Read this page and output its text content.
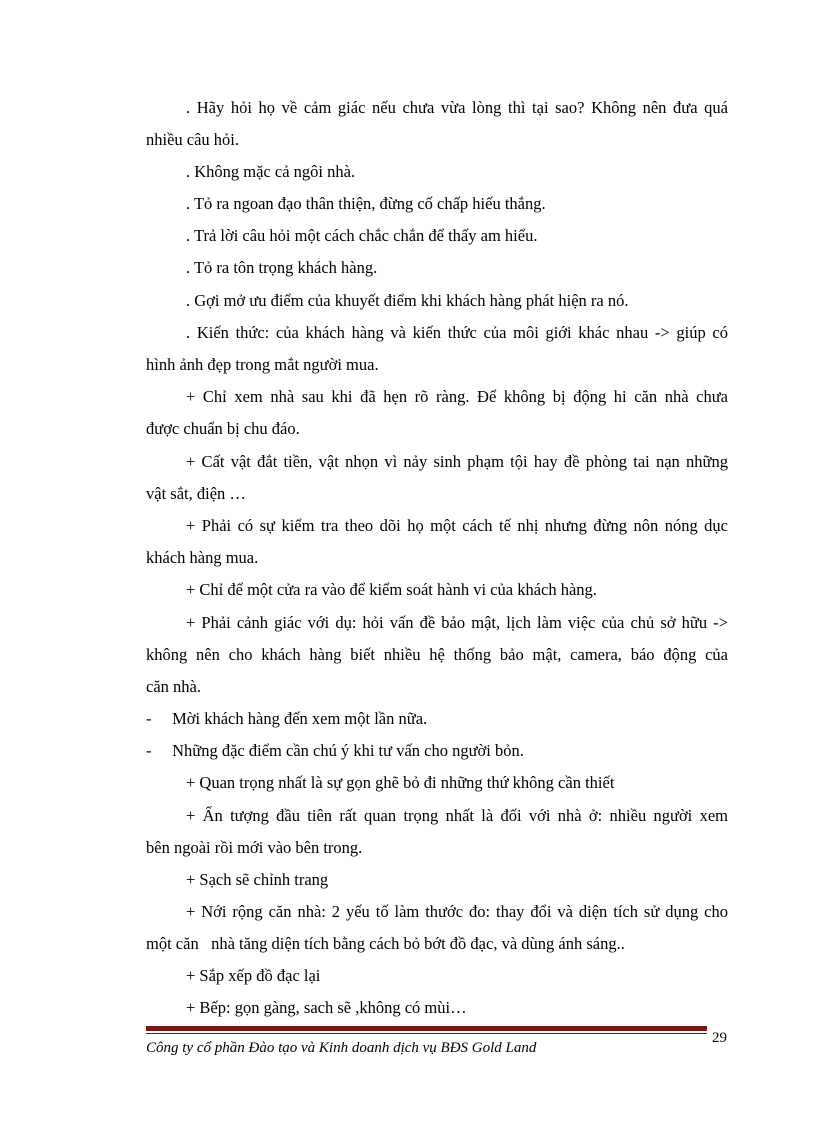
. Hãy hỏi họ về cảm giác nếu chưa vừa lòng thì tại sao? Không nên đưa quá
nhiều câu hỏi.
. Không mặc cả ngôi nhà.
. Tỏ ra ngoan đạo thân thiện, đừng cố chấp hiếu thắng.
. Trả lời câu hỏi một cách chắc chắn để thấy am hiểu.
. Tỏ ra tôn trọng khách hàng.
. Gợi mở ưu điểm của khuyết điểm khi khách hàng phát hiện ra nó.
. Kiến thức: của khách hàng và kiến thức của môi giới khác nhau -> giúp có
hình ảnh đẹp trong mắt người mua.
+ Chỉ xem nhà sau khi đã hẹn rõ ràng. Để không bị động hi căn nhà chưa
được chuẩn bị chu đáo.
+ Cất vật đắt tiền, vật nhọn vì nảy sinh phạm tội hay đề phòng tai nạn những
vật sắt, điện …
+ Phải có sự kiểm tra theo dõi họ một cách tế nhị nhưng đừng nôn nóng dục
khách hàng mua.
+ Chỉ để một cửa ra vào để kiểm soát hành vi của khách hàng.
+ Phải cảnh giác với dụ: hỏi vấn đề bảo mật, lịch làm việc của chủ sở hữu ->
không nên cho khách hàng biết nhiều hệ thống bảo mật, camera, báo động của
căn nhà.
-     Mời khách hàng đến xem một lần nữa.
-     Những đặc điểm cần chú ý khi tư vấn cho người bỏn.
+ Quan trọng nhất là sự gọn ghẽ bỏ đi những thứ không cần thiết
+ Ấn tượng đầu tiên rất quan trọng nhất là đối với nhà ở: nhiều người xem
bên ngoài rồi mới vào bên trong.
+ Sạch sẽ chỉnh trang
+ Nới rộng căn nhà: 2 yếu tố làm thước đo: thay đổi và diện tích sử dụng cho
một căn   nhà tăng diện tích bằng cách bỏ bớt đồ đạc, và dùng ánh sáng..
+ Sắp xếp đồ đạc lại
+ Bếp: gọn gàng, sach sẽ ,không có mùi…
Công ty cổ phần Đào tạo và Kinh doanh dịch vụ BĐS Gold Land
29
